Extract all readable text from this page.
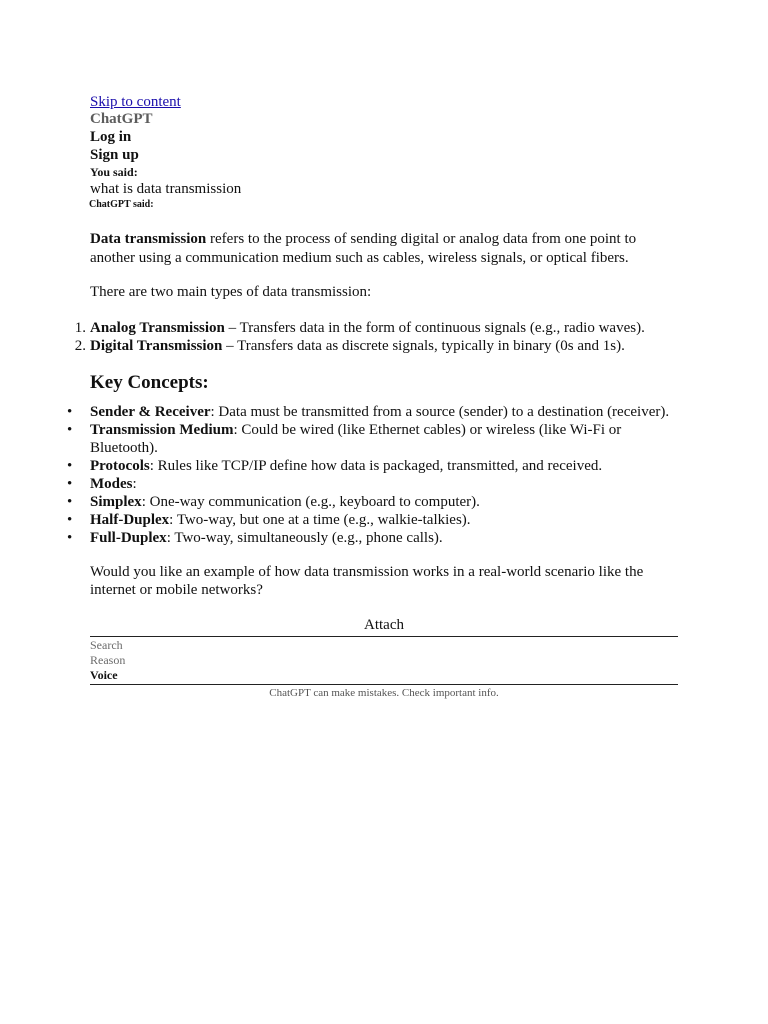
Skip to content
ChatGPT
Log in
Sign up
You said:
what is data transmission
ChatGPT said:

Data transmission refers to the process of sending digital or analog data from one point to another using a communication medium such as cables, wireless signals, or optical fibers.

There are two main types of data transmission:

1. Analog Transmission – Transfers data in the form of continuous signals (e.g., radio waves).
2. Digital Transmission – Transfers data as discrete signals, typically in binary (0s and 1s).
Key Concepts:
• Sender & Receiver: Data must be transmitted from a source (sender) to a destination (receiver).
• Transmission Medium: Could be wired (like Ethernet cables) or wireless (like Wi-Fi or Bluetooth).
• Protocols: Rules like TCP/IP define how data is packaged, transmitted, and received.
• Modes:
• Simplex: One-way communication (e.g., keyboard to computer).
• Half-Duplex: Two-way, but one at a time (e.g., walkie-talkies).
• Full-Duplex: Two-way, simultaneously (e.g., phone calls).

Would you like an example of how data transmission works in a real-world scenario like the internet or mobile networks?

Attach
Search
Reason
Voice
ChatGPT can make mistakes. Check important info.
